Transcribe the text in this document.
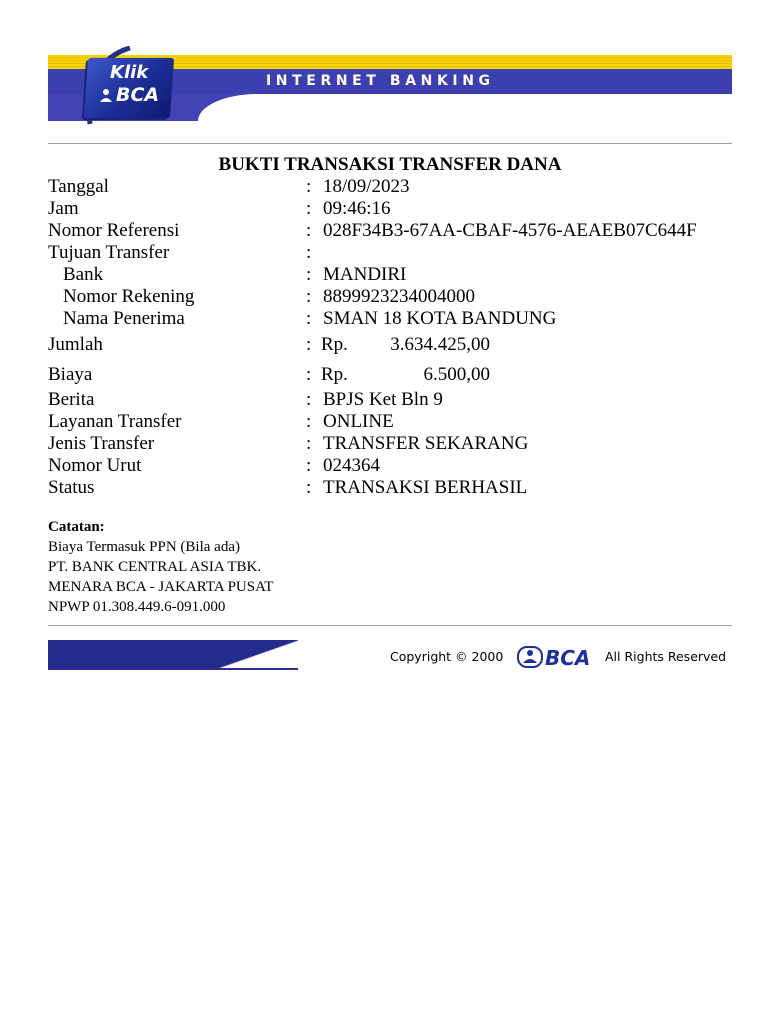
INTERNET BANKING
Klik
BCA
BUKTI TRANSAKSI TRANSFER DANA
Tanggal	: 18/09/2023
Jam	: 09:46:16
Nomor Referensi	: 028F34B3-67AA-CBAF-4576-AEAEB07C644F
Tujuan Transfer	:
Bank	: MANDIRI
Nomor Rekening	: 8899923234004000
Nama Penerima	: SMAN 18 KOTA BANDUNG
Jumlah	: Rp. 3.634.425,00
Biaya	: Rp.	6.500,00
Berita	: BPJS Ket Bln 9
Layanan Transfer	: ONLINE
Jenis Transfer	: TRANSFER SEKARANG
Nomor Urut	: 024364
Status	: TRANSAKSI BERHASIL
Catatan:
Biaya Termasuk PPN (Bila ada)
PT. BANK CENTRAL ASIA TBK.
MENARA BCA - JAKARTA PUSAT
NPWP 01.308.449.6-091.000
Copyright © 2000 BCA All Rights Reserved
